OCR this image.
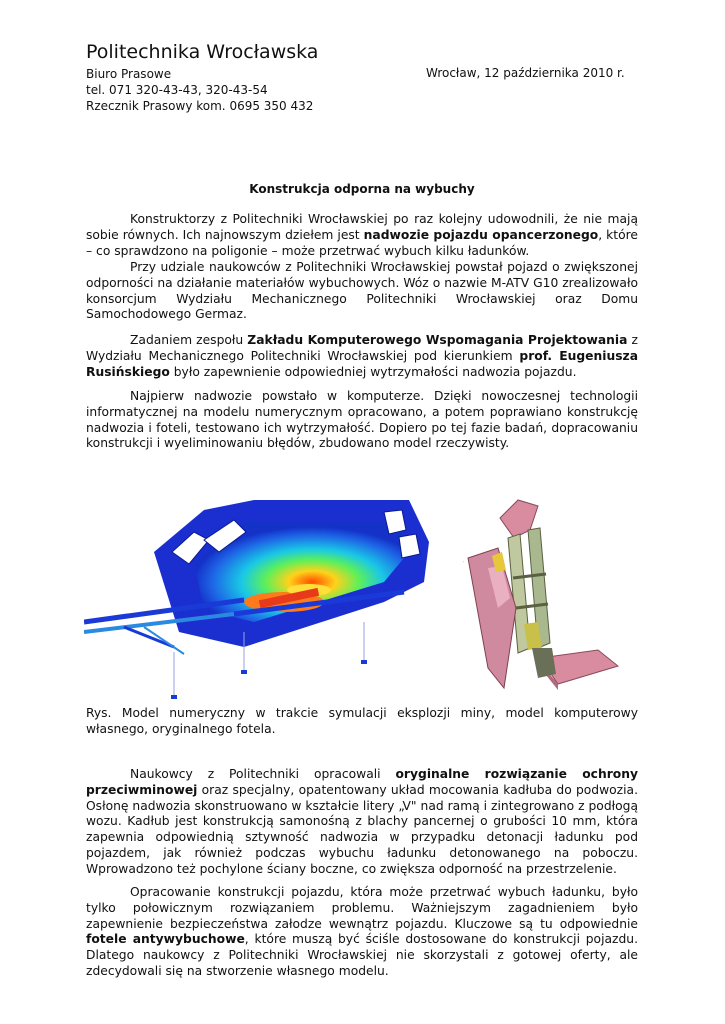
Politechnika Wrocławska
Biuro Prasowe
tel. 071 320-43-43, 320-43-54
Rzecznik Prasowy kom. 0695 350 432
Wrocław, 12 października 2010 r.
Konstrukcja odporna na wybuchy

Konstruktorzy z Politechniki Wrocławskiej po raz kolejny udowodnili, że nie mają sobie równych. Ich najnowszym dziełem jest nadwozie pojazdu opancerzonego, które – co sprawdzono na poligonie – może przetrwać wybuch kilku ładunków.

Przy udziale naukowców z Politechniki Wrocławskiej powstał pojazd o zwiększonej odporności na działanie materiałów wybuchowych. Wóz o nazwie M-ATV G10 zrealizowało konsorcjum Wydziału Mechanicznego Politechniki Wrocławskiej oraz Domu Samochodowego Germaz.

Zadaniem zespołu Zakładu Komputerowego Wspomagania Projektowania z Wydziału Mechanicznego Politechniki Wrocławskiej pod kierunkiem prof. Eugeniusza Rusińskiego było zapewnienie odpowiedniej wytrzymałości nadwozia pojazdu.

Najpierw nadwozie powstało w komputerze. Dzięki nowoczesnej technologii informatycznej na modelu numerycznym opracowano, a potem poprawiano konstrukcję nadwozia i foteli, testowano ich wytrzymałość. Dopiero po tej fazie badań, dopracowaniu konstrukcji i wyeliminowaniu błędów, zbudowano model rzeczywisty.

˙

Rys. Model numeryczny w trakcie symulacji eksplozji miny, model komputerowy własnego, oryginalnego fotela.

Naukowcy z Politechniki opracowali oryginalne rozwiązanie ochrony przeciwminowej oraz specjalny, opatentowany układ mocowania kadłuba do podwozia. Osłonę nadwozia skonstruowano w kształcie litery „V" nad ramą i zintegrowano z podłogą wozu. Kadłub jest konstrukcją samonośną z blachy pancernej o grubości 10 mm, która zapewnia odpowiednią sztywność nadwozia w przypadku detonacji ładunku pod pojazdem, jak również podczas wybuchu ładunku detonowanego na poboczu. Wprowadzono też pochylone ściany boczne, co zwiększa odporność na przestrzelenie.

Opracowanie konstrukcji pojazdu, która może przetrwać wybuch ładunku, było tylko połowicznym rozwiązaniem problemu. Ważniejszym zagadnieniem było zapewnienie bezpieczeństwa załodze wewnątrz pojazdu. Kluczowe są tu odpowiednie fotele antywybuchowe, które muszą być ściśle dostosowane do konstrukcji pojazdu. Dlatego naukowcy z Politechniki Wrocławskiej nie skorzystali z gotowej oferty, ale zdecydowali się na stworzenie własnego modelu.
